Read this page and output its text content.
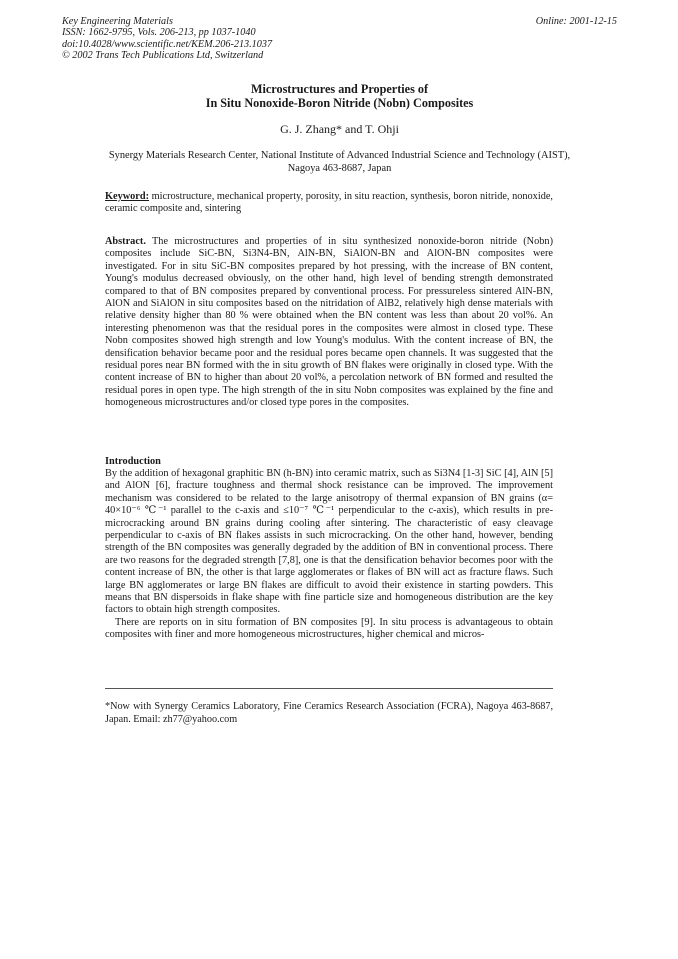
Key Engineering Materials
ISSN: 1662-9795, Vols. 206-213, pp 1037-1040
doi:10.4028/www.scientific.net/KEM.206-213.1037
© 2002 Trans Tech Publications Ltd, Switzerland
Online: 2001-12-15
Microstructures and Properties of
In Situ Nonoxide-Boron Nitride (Nobn) Composites
G. J. Zhang* and T. Ohji
Synergy Materials Research Center, National Institute of Advanced Industrial Science and Technology (AIST), Nagoya 463-8687, Japan
Keyword: microstructure, mechanical property, porosity, in situ reaction, synthesis, boron nitride, nonoxide, ceramic composite and, sintering
Abstract. The microstructures and properties of in situ synthesized nonoxide-boron nitride (Nobn) composites include SiC-BN, Si3N4-BN, AlN-BN, SiAlON-BN and AlON-BN composites were investigated. For in situ SiC-BN composites prepared by hot pressing, with the increase of BN content, Young's modulus decreased obviously, on the other hand, high level of bending strength demonstrated compared to that of BN composites prepared by conventional process. For pressureless sintered AlN-BN, AlON and SiAlON in situ composites based on the nitridation of AlB2, relatively high dense materials with relative density higher than 80 % were obtained when the BN content was less than about 20 vol%. An interesting phenomenon was that the residual pores in the composites were almost in closed type. These Nobn composites showed high strength and low Young's modulus. With the content increase of BN, the densification behavior became poor and the residual pores became open channels. It was suggested that the residual pores near BN formed with the in situ growth of BN flakes were originally in closed type. With the content increase of BN to higher than about 20 vol%, a percolation network of BN formed and resulted the residual pores in open type. The high strength of the in situ Nobn composites was explained by the fine and homogeneous microstructures and/or closed type pores in the composites.
Introduction

By the addition of hexagonal graphitic BN (h-BN) into ceramic matrix, such as Si3N4 [1-3] SiC [4], AlN [5] and AlON [6], fracture toughness and thermal shock resistance can be improved. The improvement mechanism was considered to be related to the large anisotropy of thermal expansion of BN grains (α= 40×10⁻⁶ ℃⁻¹ parallel to the c-axis and ≤10⁻⁷ ℃⁻¹ perpendicular to the c-axis), which results in pre-microcracking around BN grains during cooling after sintering. The characteristic of easy cleavage perpendicular to c-axis of BN flakes assists in such microcracking. On the other hand, however, bending strength of the BN composites was generally degraded by the addition of BN in conventional process. There are two reasons for the degraded strength [7,8], one is that the densification behavior becomes poor with the content increase of BN, the other is that large agglomerates or flakes of BN will act as fracture flaws. Such large BN agglomerates or large BN flakes are difficult to avoid their existence in starting powders. This means that BN dispersoids in flake shape with fine particle size and homogeneous distribution are the key factors to obtain high strength composites.

There are reports on in situ formation of BN composites [9]. In situ process is advantageous to obtain composites with finer and more homogeneous microstructures, higher chemical and micros-

*Now with Synergy Ceramics Laboratory, Fine Ceramics Research Association (FCRA), Nagoya 463-8687, Japan. Email: zh77@yahoo.com
